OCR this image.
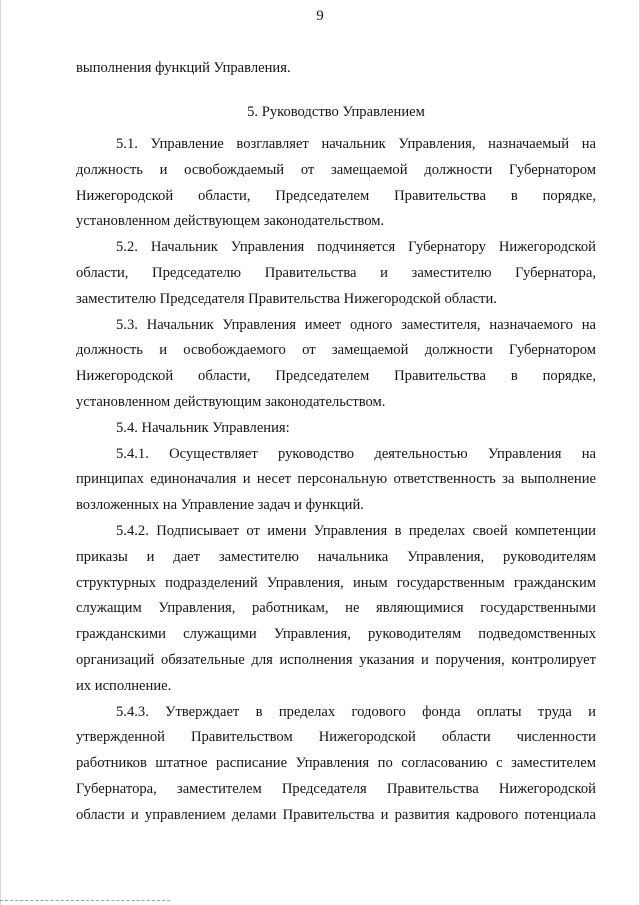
9
выполнения функций Управления.
5. Руководство Управлением
5.1. Управление возглавляет начальник Управления, назначаемый на
должность и освобождаемый от замещаемой должности Губернатором
Нижегородской области, Председателем Правительства в порядке,
установленном действующем законодательством.
5.2. Начальник Управления подчиняется Губернатору Нижегородской
области, Председателю Правительства и заместителю Губернатора,
заместителю Председателя Правительства Нижегородской области.
5.3. Начальник Управления имеет одного заместителя, назначаемого на
должность и освобождаемого от замещаемой должности Губернатором
Нижегородской области, Председателем Правительства в порядке,
установленном действующим законодательством.
5.4. Начальник Управления:
5.4.1. Осуществляет руководство деятельностью Управления на
принципах единоначалия и несет персональную ответственность за выполнение
возложенных на Управление задач и функций.
5.4.2. Подписывает от имени Управления в пределах своей компетенции
приказы и дает заместителю начальника Управления, руководителям
структурных подразделений Управления, иным государственным гражданским
служащим Управления, работникам, не являющимися государственными
гражданскими служащими Управления, руководителям подведомственных
организаций обязательные для исполнения указания и поручения, контролирует
их исполнение.
5.4.3. Утверждает в пределах годового фонда оплаты труда и
утвержденной Правительством Нижегородской области численности
работников штатное расписание Управления по согласованию с заместителем
Губернатора, заместителем Председателя Правительства Нижегородской
области и управлением делами Правительства и развития кадрового потенциала
